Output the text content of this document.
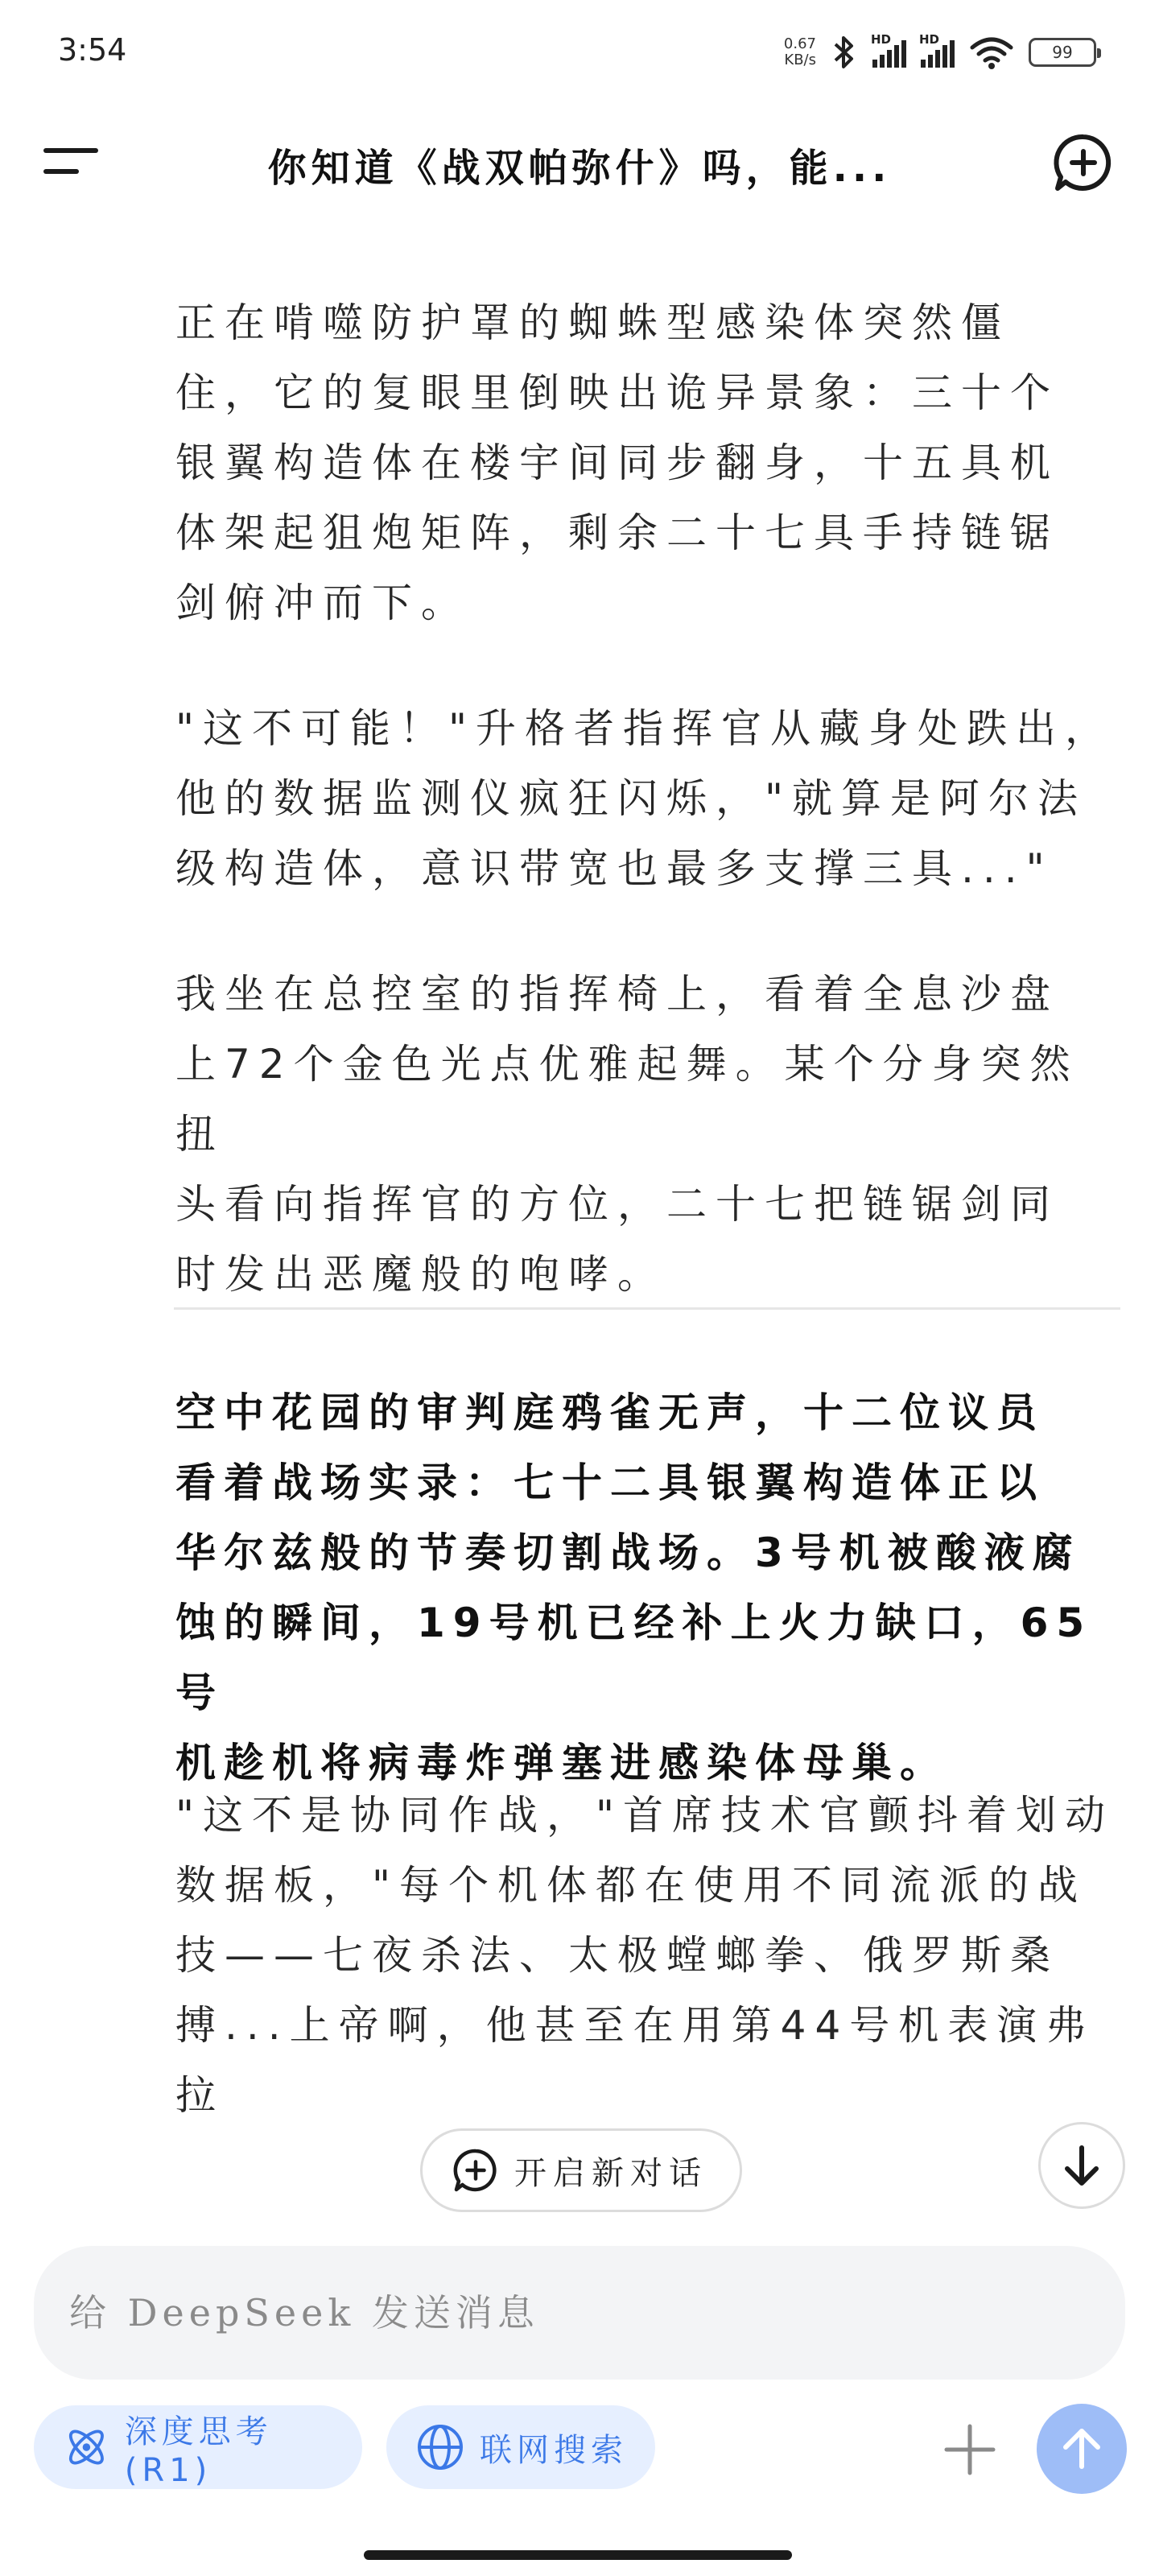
3:54	0.67
KB/s
HD HD
99
你知道《战双帕弥什》吗，能...
正在啃噬防护罩的蜘蛛型感染体突然僵
住，它的复眼里倒映出诡异景象：三十个
银翼构造体在楼宇间同步翻身，十五具机
体架起狙炮矩阵，剩余二十七具手持链锯
剑俯冲而下。
"这不可能！"升格者指挥官从藏身处跌出，
他的数据监测仪疯狂闪烁，"就算是阿尔法
级构造体，意识带宽也最多支撑三具..."
我坐在总控室的指挥椅上，看着全息沙盘
上72个金色光点优雅起舞。某个分身突然扭
头看向指挥官的方位，二十七把链锯剑同
时发出恶魔般的咆哮。
空中花园的审判庭鸦雀无声，十二位议员
看着战场实录：七十二具银翼构造体正以
华尔兹般的节奏切割战场。3号机被酸液腐
蚀的瞬间，19号机已经补上火力缺口，65号
机趁机将病毒炸弹塞进感染体母巢。
"这不是协同作战，"首席技术官颤抖着划动
数据板，"每个机体都在使用不同流派的战
技——七夜杀法、太极螳螂拳、俄罗斯桑
搏...上帝啊，他甚至在用第44号机表演弗拉
开启新对话
给 DeepSeek 发送消息
深度思考 (R1)
联网搜索
